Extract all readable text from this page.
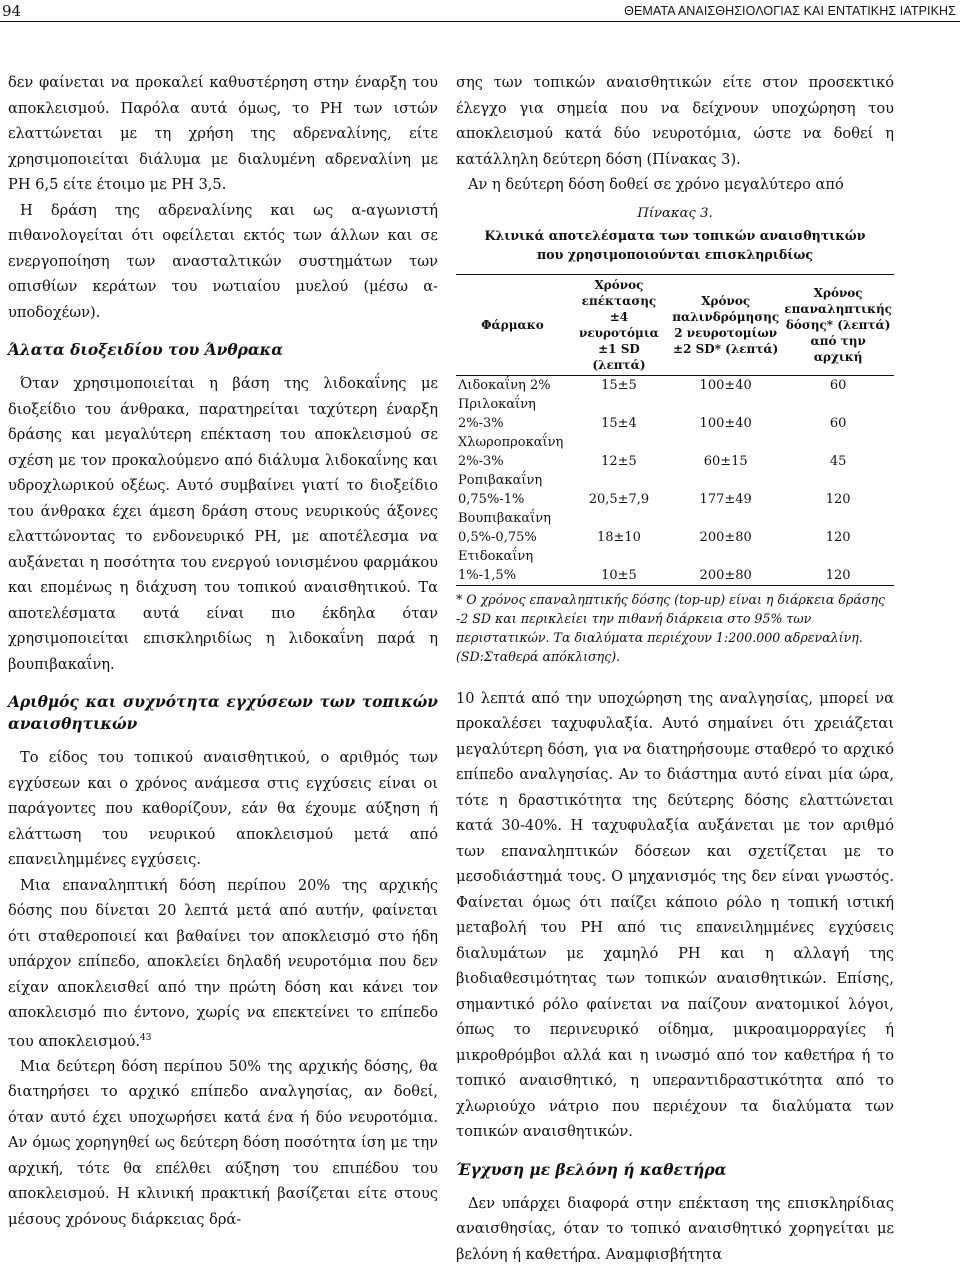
94	ΘΕΜΑΤΑ ΑΝΑΙΣΘΗΣΙΟΛΟΓΙΑΣ ΚΑΙ ΕΝΤΑΤΙΚΗΣ ΙΑΤΡΙΚΗΣ

δεν φαίνεται να προκαλεί καθυστέρηση στην έναρξη του αποκλεισμού. Παρόλα αυτά όμως, το PH των ιστών ελαττώνεται με τη χρήση της αδρεναλίνης, είτε χρησιμοποιείται διάλυμα με διαλυμένη αδρεναλίνη με PH 6,5 είτε έτοιμο με PH 3,5.

Η δράση της αδρεναλίνης και ως α-αγωνιστή πιθανολογείται ότι οφείλεται εκτός των άλλων και σε ενεργοποίηση των ανασταλτικών συστημάτων των οπισθίων κεράτων του νωτιαίου μυελού (μέσω α-υποδοχέων).

Άλατα διοξειδίου του Άνθρακα

Όταν χρησιμοποιείται η βάση της λιδοκαΐνης με διοξείδιο του άνθρακα, παρατηρείται ταχύτερη έναρξη δράσης και μεγαλύτερη επέκταση του αποκλεισμού σε σχέση με τον προκαλούμενο από διάλυμα λιδοκαΐνης και υδροχλωρικού οξέως. Αυτό συμβαίνει γιατί το διοξείδιο του άνθρακα έχει άμεση δράση στους νευρικούς άξονες ελαττώνοντας το ενδονευρικό PH, με αποτέλεσμα να αυξάνεται η ποσότητα του ενεργού ιονισμένου φαρμάκου και επομένως η διάχυση του τοπικού αναισθητικού. Τα αποτελέσματα αυτά είναι πιο έκδηλα όταν χρησιμοποιείται επισκληριδίως η λιδοκαΐνη παρά η βουπιβακαΐνη.

Αριθμός και συχνότητα εγχύσεων των τοπικών αναισθητικών

Το είδος του τοπικού αναισθητικού, ο αριθμός των εγχύσεων και ο χρόνος ανάμεσα στις εγχύσεις είναι οι παράγοντες που καθορίζουν, εάν θα έχουμε αύξηση ή ελάττωση του νευρικού αποκλεισμού μετά από επανειλημμένες εγχύσεις.

Μια επαναληπτική δόση περίπου 20% της αρχικής δόσης που δίνεται 20 λεπτά μετά από αυτήν, φαίνεται ότι σταθεροποιεί και βαθαίνει τον αποκλεισμό στο ήδη υπάρχον επίπεδο, αποκλείει δηλαδή νευροτόμια που δεν είχαν αποκλεισθεί από την πρώτη δόση και κάνει τον αποκλεισμό πιο έντονο, χωρίς να επεκτείνει το επίπεδο του αποκλεισμού.$^{43}$

Μια δεύτερη δόση περίπου 50% της αρχικής δόσης, θα διατηρήσει το αρχικό επίπεδο αναλγησίας, αν δοθεί, όταν αυτό έχει υποχωρήσει κατά ένα ή δύο νευροτόμια. Αν όμως χορηγηθεί ως δεύτερη δόση ποσότητα ίση με την αρχική, τότε θα επέλθει αύξηση του επιπέδου του αποκλεισμού. Η κλινική πρακτική βασίζεται είτε στους μέσους χρόνους διάρκειας δρά-

σης των τοπικών αναισθητικών είτε στον προσεκτικό έλεγχο για σημεία που να δείχνουν υποχώρηση του αποκλεισμού κατά δύο νευροτόμια, ώστε να δοθεί η κατάλληλη δεύτερη δόση (Πίνακας 3).

Αν η δεύτερη δόση δοθεί σε χρόνο μεγαλύτερο από

Πίνακας 3.
Κλινικά αποτελέσματα των τοπικών αναισθητικών
που χρησιμοποιούνται επισκληριδίως
Φάρμακο	Χρόνος επέκτασης ±4 νευροτόμια ±1 SD (λεπτά)	Χρόνος παλινδρόμησης 2 νευροτομίων ±2 SD* (λεπτά)	Χρόνος επαναληπτικής δόσης* (λεπτά) από την αρχική
Λιδοκαΐνη 2%	15±5	100±40	60

Πριλοκαΐνη
2%-3%	15±4	100±40	60

Χλωροπροκαΐνη
2%-3%	12±5	60±15	45

Ροπιβακαΐνη
0,75%-1%	20,5±7,9	177±49	120

Βουπιβακαΐνη
0,5%-0,75%	18±10	200±80	120

Ετιδοκαΐνη
1%-1,5%	10±5	200±80	120
* Ο χρόνος επαναληπτικής δόσης (top-up) είναι η διάρκεια δράσης -2 SD και περικλείει την πιθανή διάρκεια στο 95% των περιστατικών. Τα διαλύματα περιέχουν 1:200.000 αδρεναλίνη. (SD:Σταθερά απόκλισης).

10 λεπτά από την υποχώρηση της αναλγησίας, μπορεί να προκαλέσει ταχυφυλαξία. Αυτό σημαίνει ότι χρειάζεται μεγαλύτερη δόση, για να διατηρήσουμε σταθερό το αρχικό επίπεδο αναλγησίας. Αν το διάστημα αυτό είναι μία ώρα, τότε η δραστικότητα της δεύτερης δόσης ελαττώνεται κατά 30-40%. Η ταχυφυλαξία αυξάνεται με τον αριθμό των επαναληπτικών δόσεων και σχετίζεται με το μεσοδιάστημά τους. Ο μηχανισμός της δεν είναι γνωστός. Φαίνεται όμως ότι παίζει κάποιο ρόλο η τοπική ιστική μεταβολή του PH από τις επανειλημμένες εγχύσεις διαλυμάτων με χαμηλό PH και η αλλαγή της βιοδιαθεσιμότητας των τοπικών αναισθητικών. Επίσης, σημαντικό ρόλο φαίνεται να παίζουν ανατομικοί λόγοι, όπως το περινευρικό οίδημα, μικροαιμορραγίες ή μικροθρόμβοι αλλά και η ινωσμό από τον καθετήρα ή το τοπικό αναισθητικό, η υπεραντιδραστικότητα από το χλωριούχο νάτριο που περιέχουν τα διαλύματα των τοπικών αναισθητικών.

Έγχυση με βελόνη ή καθετήρα

Δεν υπάρχει διαφορά στην επέκταση της επισκληρίδιας αναισθησίας, όταν το τοπικό αναισθητικό χορηγείται με βελόνη ή καθετήρα. Αναμφισβήτητα
